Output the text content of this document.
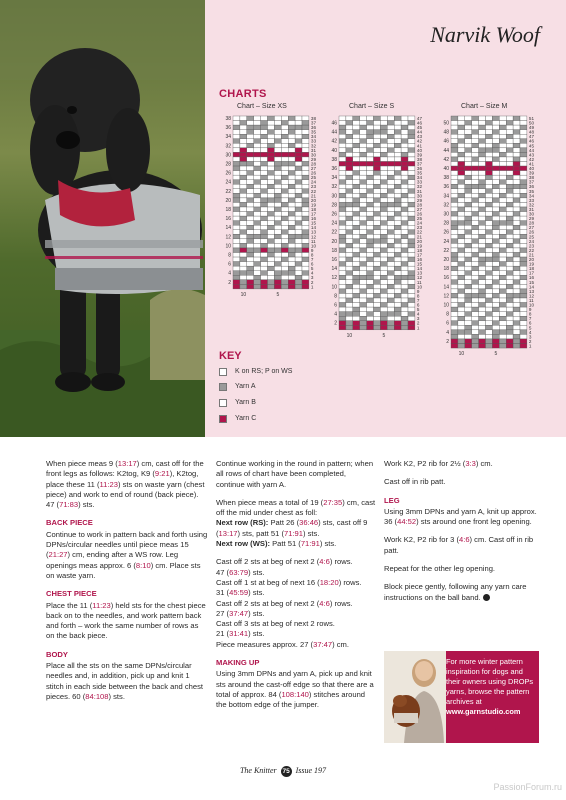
Narvik Woof
CHARTS
Chart – Size XS	Chart – Size S	Chart – Size M
38
37
36
35
34
33
32
31
30
29
28
27
26
25
24
23
22
21
20
19
18
17
16
15
14
13
12
11
10
9
8
7
6
5
4
3
2
1
38
36
34
32
30
28
26
24
22
20
18
16
14
12
10
8
6
4
2
10	5
47
46
45
44
43
42
41
40
39
38
37
36
35
34
33
32
31
30
29
28
27
26
25
24
23
22
21
20
19
18
17
16
15
14
13
12
11
10
9
8
7
6
5
4
3
2
1
46
44
42
40
38
36
34
32
30
28
26
24
22
20
18
16
14
12
10
8
6
4
2
10	5
51
50
49
48
47
46
45
44
43
42
41
40
39
38
37
36
35
34
33
32
31
30
29
28
27
26
25
24
23
22
21
20
19
18
17
16
15
14
13
12
11
10
9
8
7
6
5
4
3
2
1
50
48
46
44
42
40
38
36
34
32
30
28
26
24
22
20
18
16
14
12
10
8
6
4
2
10	5
KEY
K on RS; P on WS
Yarn A
Yarn B
Yarn C

When piece meas 9 (13:17) cm, cast off for the front legs as follows: K2tog, K9 (9:21), K2tog, place these 11 (11:23) sts on waste yarn (chest piece) and work to end of round (back piece). 47 (71:83) sts.

BACK PIECE

Continue to work in pattern back and forth using DPNs/circular needles until piece meas 15 (21:27) cm, ending after a WS row. Leg openings meas approx. 6 (8:10) cm. Place sts on waste yarn.

CHEST PIECE

Place the 11 (11:23) held sts for the chest piece back on to the needles, and work pattern back and forth – work the same number of rows as on the back piece.

BODY

Place all the sts on the same DPNs/circular needles and, in addition, pick up and knit 1 stitch in each side between the back and chest pieces. 60 (84:108) sts.

Continue working in the round in pattern; when all rows of chart have been completed, continue with yarn A.

When piece meas a total of 19 (27:35) cm, cast off the mid under chest as foll:
Next row (RS): Patt 26 (36:46) sts, cast off 9 (13:17) sts, patt 51 (71:91) sts.
Next row (WS): Patt 51 (71:91) sts.

Cast off 2 sts at beg of next 2 (4:6) rows.
47 (63:79) sts.
Cast off 1 st at beg of next 16 (18:20) rows.
31 (45:59) sts.
Cast off 2 sts at beg of next 2 (4:6) rows.
27 (37:47) sts.
Cast off 3 sts at beg of next 2 rows.
21 (31:41) sts.
Piece measures approx. 27 (37:47) cm.

MAKING UP

Using 3mm DPNs and yarn A, pick up and knit sts around the cast-off edge so that there are a total of approx. 84 (108:140) stitches around the bottom edge of the jumper.

Work K2, P2 rib for 2½ (3:3) cm.

Cast off in rib patt.

LEG

Using 3mm DPNs and yarn A, knit up approx. 36 (44:52) sts around one front leg opening.

Work K2, P2 rib for 3 (4:6) cm. Cast off in rib patt.

Repeat for the other leg opening.

Block piece gently, following any yarn care instructions on the ball band.

For more winter pattern inspiration for dogs and their owners using DROPs yarns, browse the pattern archives at www.garnstudio.com
The Knitter 75 Issue 197
PassionForum.ru
